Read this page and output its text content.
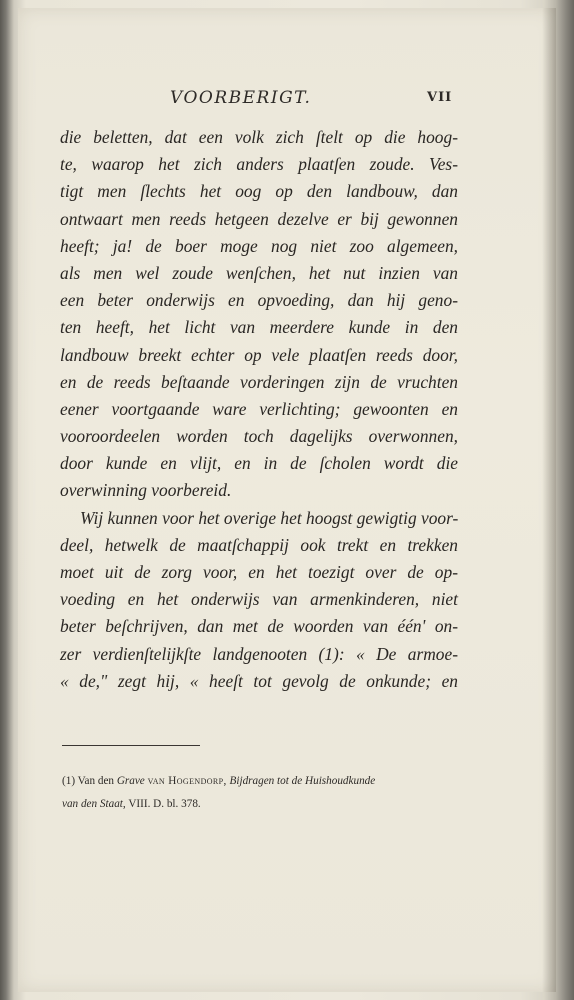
VOORBERIGT.	VII
die beletten, dat een volk zich ſtelt op die hoog-
te, waarop het zich anders plaatſen zoude. Ves-
tigt men ſlechts het oog op den landbouw, dan
ontwaart men reeds hetgeen dezelve er bij gewonnen
heeft; ja! de boer moge nog niet zoo algemeen,
als men wel zoude wenſchen, het nut inzien van
een beter onderwijs en opvoeding, dan hij geno-
ten heeft, het licht van meerdere kunde in den
landbouw breekt echter op vele plaatſen reeds door,
en de reeds beſtaande vorderingen zijn de vruchten
eener voortgaande ware verlichting; gewoonten en
vooroordeelen worden toch dagelijks overwonnen,
door kunde en vlijt, en in de ſcholen wordt die
overwinning voorbereid.
Wij kunnen voor het overige het hoogst gewigtig voor-
deel, hetwelk de maatſchappij ook trekt en trekken
moet uit de zorg voor, en het toezigt over de op-
voeding en het onderwijs van armenkinderen, niet
beter beſchrijven, dan met de woorden van één' on-
zer verdienſtelijkſte landgenooten (1): « De armoe-
« de," zegt hij, « heeſt tot gevolg de onkunde; en
(1) Van den Grave van Hogendorp, Bijdragen tot de Huishoudkunde
van den Staat, VIII. D. bl. 378.
